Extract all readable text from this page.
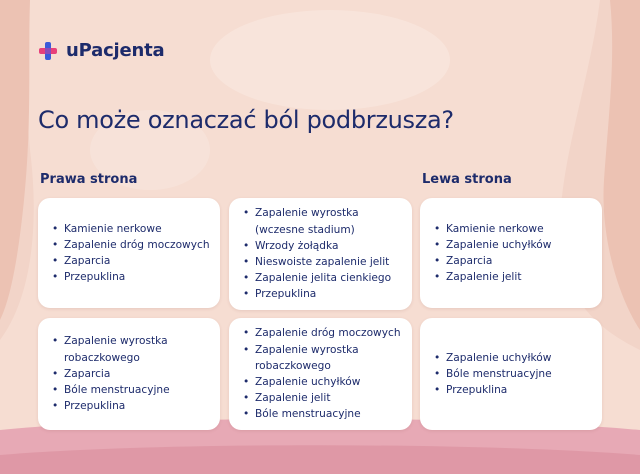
uPacjenta
Co może oznaczać ból podbrzusza?
Prawa strona	Lewa strona
• Kamienie nerkowe
• Zapalenie dróg moczowych
• Zaparcia
• Przepuklina
• Zapalenie wyrostka (wczesne stadium)
• Wrzody żołądka
• Nieswoiste zapalenie jelit
• Zapalenie jelita cienkiego
• Przepuklina
• Kamienie nerkowe
• Zapalenie uchyłków
• Zaparcia
• Zapalenie jelit
• Zapalenie wyrostka robaczkowego
• Zaparcia
• Bóle menstruacyjne
• Przepuklina
• Zapalenie dróg moczowych
• Zapalenie wyrostka robaczkowego
• Zapalenie uchyłków
• Zapalenie jelit
• Bóle menstruacyjne
• Zapalenie uchyłków
• Bóle menstruacyjne
• Przepuklina
